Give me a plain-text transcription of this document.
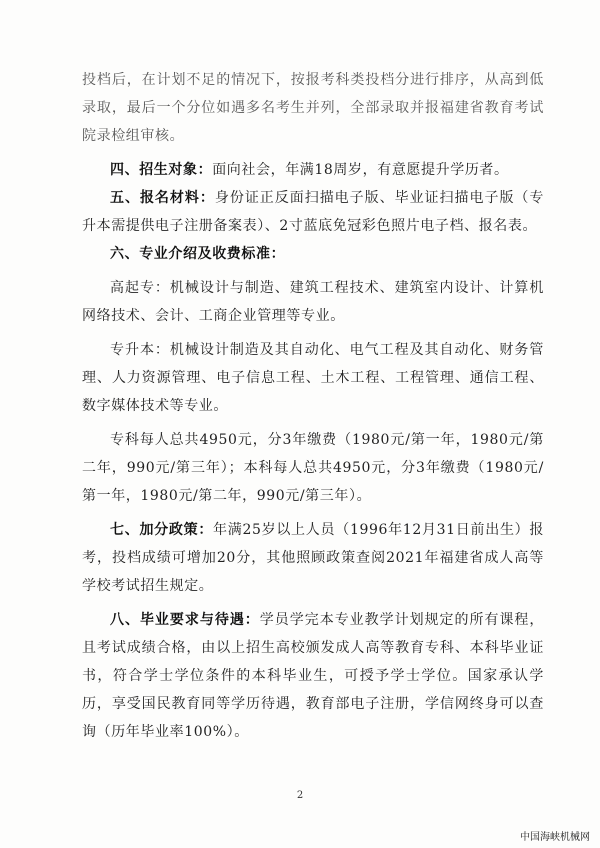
投档后，在计划不足的情况下，按报考科类投档分进行排序，从高到低录取，最后一个分位如遇多名考生并列，全部录取并报福建省教育考试院录检组审核。

四、招生对象：面向社会，年满18周岁，有意愿提升学历者。

五、报名材料：身份证正反面扫描电子版、毕业证扫描电子版（专升本需提供电子注册备案表）、2寸蓝底免冠彩色照片电子档、报名表。

六、专业介绍及收费标准：

高起专：机械设计与制造、建筑工程技术、建筑室内设计、计算机网络技术、会计、工商企业管理等专业。

专升本：机械设计制造及其自动化、电气工程及其自动化、财务管理、人力资源管理、电子信息工程、土木工程、工程管理、通信工程、数字媒体技术等专业。

专科每人总共4950元，分3年缴费（1980元/第一年，1980元/第二年，990元/第三年）；本科每人总共4950元，分3年缴费（1980元/第一年，1980元/第二年，990元/第三年）。

七、加分政策：年满25岁以上人员（1996年12月31日前出生）报考，投档成绩可增加20分，其他照顾政策查阅2021年福建省成人高等学校考试招生规定。

八、毕业要求与待遇：学员学完本专业教学计划规定的所有课程，且考试成绩合格，由以上招生高校颁发成人高等教育专科、本科毕业证书，符合学士学位条件的本科毕业生，可授予学士学位。国家承认学历，享受国民教育同等学历待遇，教育部电子注册，学信网终身可以查询（历年毕业率100%）。

2
中国海峡机械网
